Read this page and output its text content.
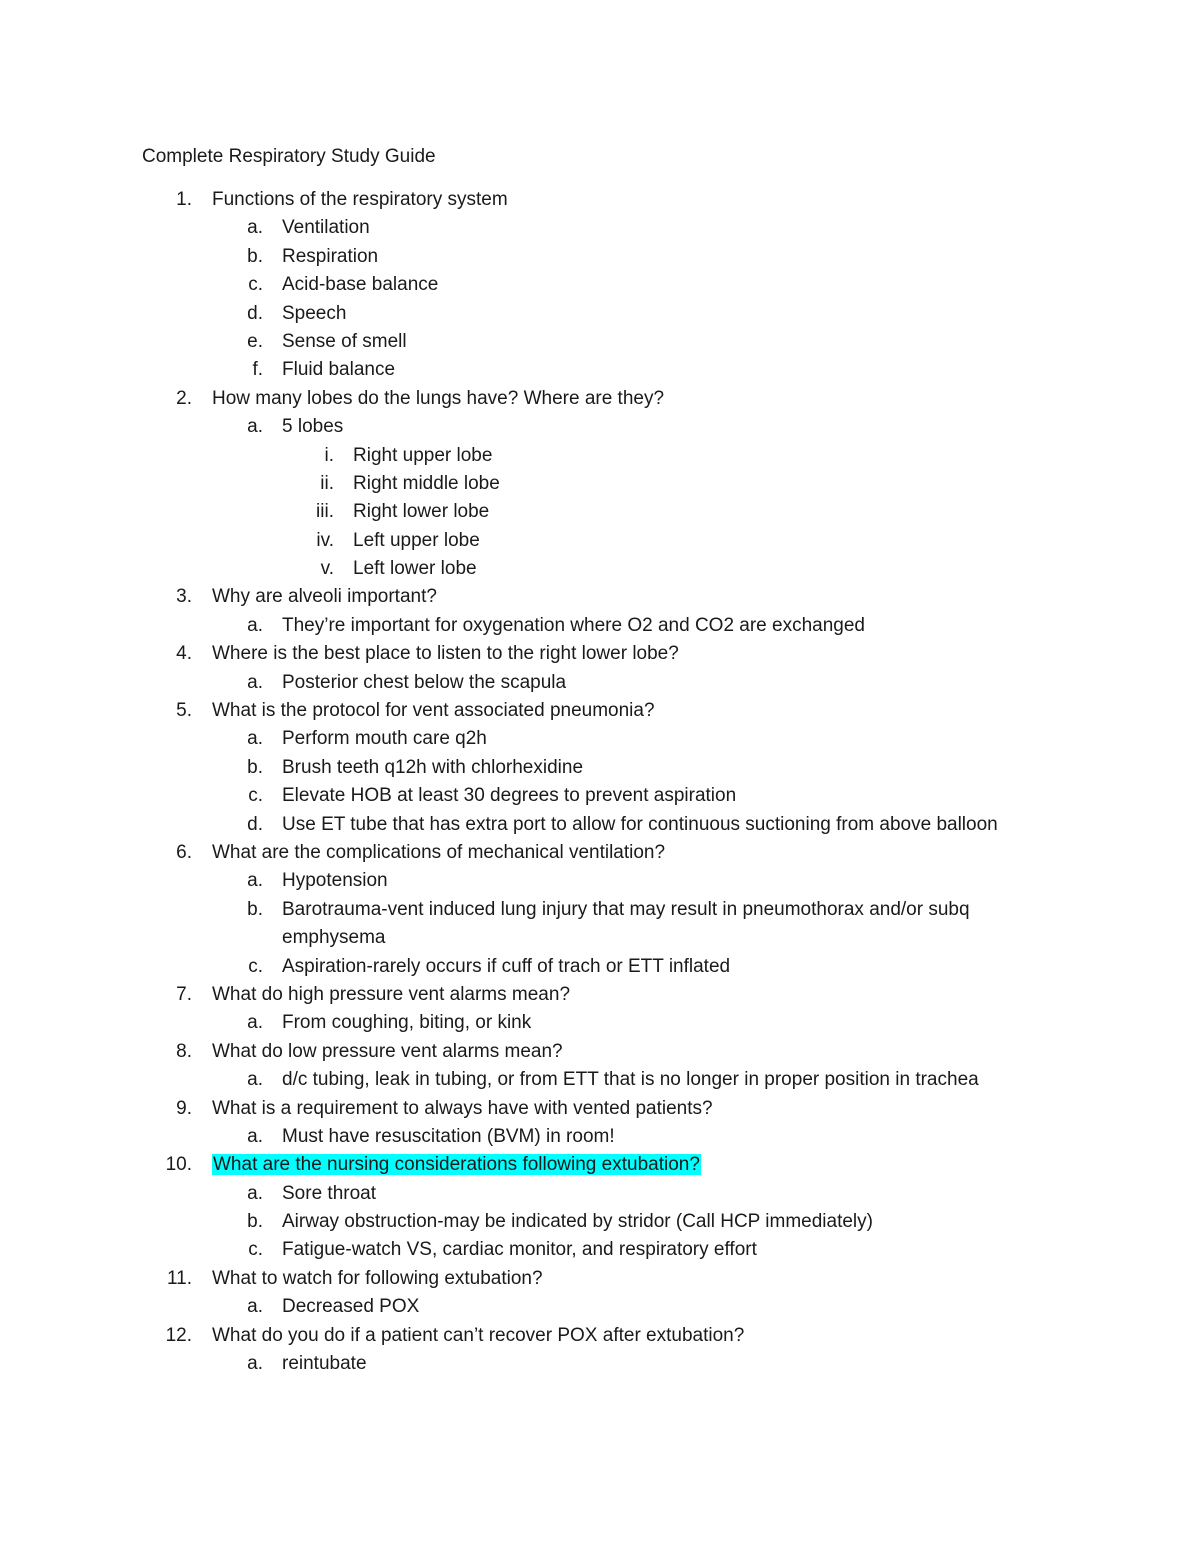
Complete Respiratory Study Guide
1. Functions of the respiratory system
a. Ventilation
b. Respiration
c. Acid-base balance
d. Speech
e. Sense of smell
f. Fluid balance
2. How many lobes do the lungs have? Where are they?
a. 5 lobes
i. Right upper lobe
ii. Right middle lobe
iii. Right lower lobe
iv. Left upper lobe
v. Left lower lobe
3. Why are alveoli important?
a. They’re important for oxygenation where O2 and CO2 are exchanged
4. Where is the best place to listen to the right lower lobe?
a. Posterior chest below the scapula
5. What is the protocol for vent associated pneumonia?
a. Perform mouth care q2h
b. Brush teeth q12h with chlorhexidine
c. Elevate HOB at least 30 degrees to prevent aspiration
d. Use ET tube that has extra port to allow for continuous suctioning from above balloon
6. What are the complications of mechanical ventilation?
a. Hypotension
b. Barotrauma-vent induced lung injury that may result in pneumothorax and/or subq emphysema
c. Aspiration-rarely occurs if cuff of trach or ETT inflated
7. What do high pressure vent alarms mean?
a. From coughing, biting, or kink
8. What do low pressure vent alarms mean?
a. d/c tubing, leak in tubing, or from ETT that is no longer in proper position in trachea
9. What is a requirement to always have with vented patients?
a. Must have resuscitation (BVM) in room!
10. What are the nursing considerations following extubation?
a. Sore throat
b. Airway obstruction-may be indicated by stridor (Call HCP immediately)
c. Fatigue-watch VS, cardiac monitor, and respiratory effort
11. What to watch for following extubation?
a. Decreased POX
12. What do you do if a patient can’t recover POX after extubation?
a. reintubate
